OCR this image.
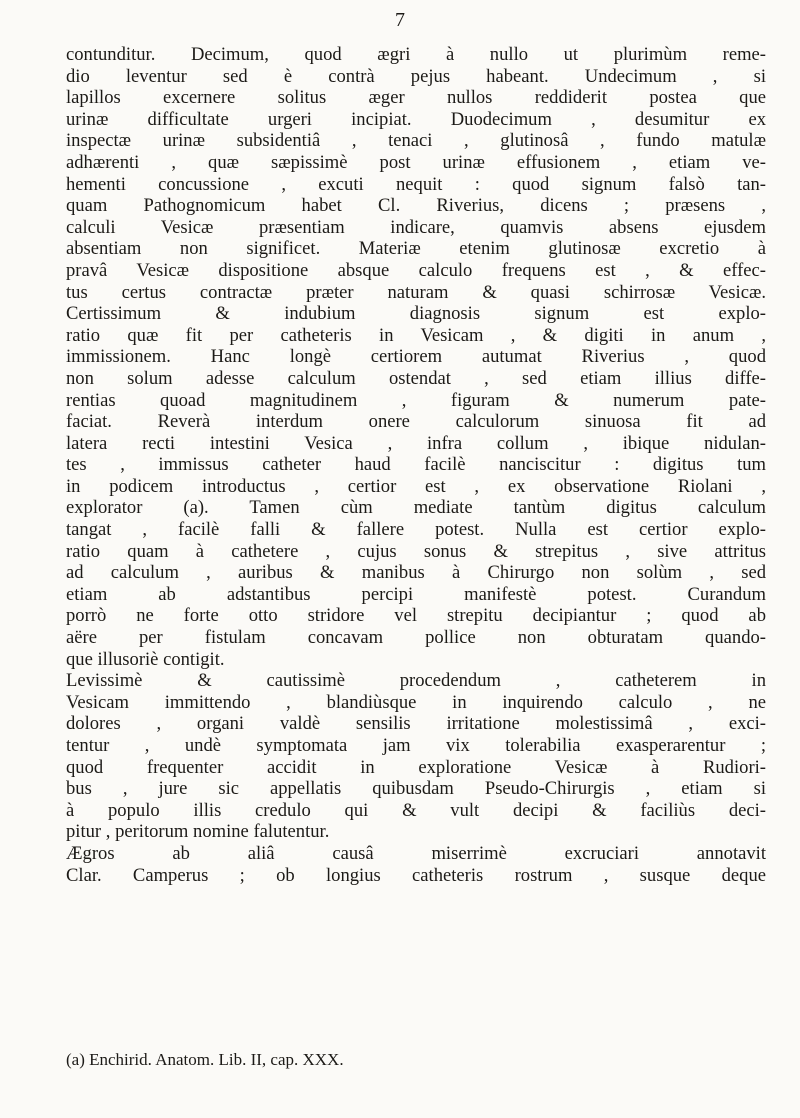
7
contunditur. Decimum, quod ægri à nullo ut plurimùm reme-
dio leventur sed è contrà pejus habeant. Undecimum , si
lapillos excernere solitus æger nullos reddiderit postea que
urinæ difficultate urgeri incipiat. Duodecimum , desumitur ex
inspectæ urinæ subsidentiâ , tenaci , glutinosâ , fundo matulæ
adhærenti , quæ sæpissimè post urinæ effusionem , etiam ve-
hementi concussione , excuti nequit : quod signum falsò tan-
quam Pathognomicum habet Cl. Riverius, dicens ; præsens ,
calculi Vesicæ præsentiam indicare, quamvis absens ejusdem
absentiam non significet. Materiæ etenim glutinosæ excretio à
pravâ Vesicæ dispositione absque calculo frequens est , & effec-
tus certus contractæ præter naturam & quasi schirrosæ Vesicæ.
Certissimum & indubium diagnosis signum est explo-
ratio quæ fit per catheteris in Vesicam , & digiti in anum ,
immissionem. Hanc longè certiorem autumat Riverius , quod
non solum adesse calculum ostendat , sed etiam illius diffe-
rentias quoad magnitudinem , figuram & numerum pate-
faciat. Reverà interdum onere calculorum sinuosa fit ad
latera recti intestini Vesica , infra collum , ibique nidulan-
tes , immissus catheter haud facilè nanciscitur : digitus tum
in podicem introductus , certior est , ex observatione Riolani ,
explorator (a). Tamen cùm mediate tantùm digitus calculum
tangat , facilè falli & fallere potest. Nulla est certior explo-
ratio quam à cathetere , cujus sonus & strepitus , sive attritus
ad calculum , auribus & manibus à Chirurgo non solùm , sed
etiam ab adstantibus percipi manifestè potest. Curandum
porrò ne forte otto stridore vel strepitu decipiantur ; quod ab
aëre per fistulam concavam pollice non obturatam quando-
que illusoriè contigit.
Levissimè & cautissimè procedendum , catheterem in
Vesicam immittendo , blandiùsque in inquirendo calculo , ne
dolores , organi valdè sensilis irritatione molestissimâ , exci-
tentur , undè symptomata jam vix tolerabilia exasperarentur ;
quod frequenter accidit in exploratione Vesicæ à Rudiori-
bus , jure sic appellatis quibusdam Pseudo-Chirurgis , etiam si
à populo illis credulo qui & vult decipi & faciliùs deci-
pitur , peritorum nomine falutentur.
Ægros ab aliâ causâ miserrimè excruciari annotavit
Clar. Camperus ; ob longius catheteris rostrum , susque deque
(a) Enchirid. Anatom. Lib. II, cap. XXX.
